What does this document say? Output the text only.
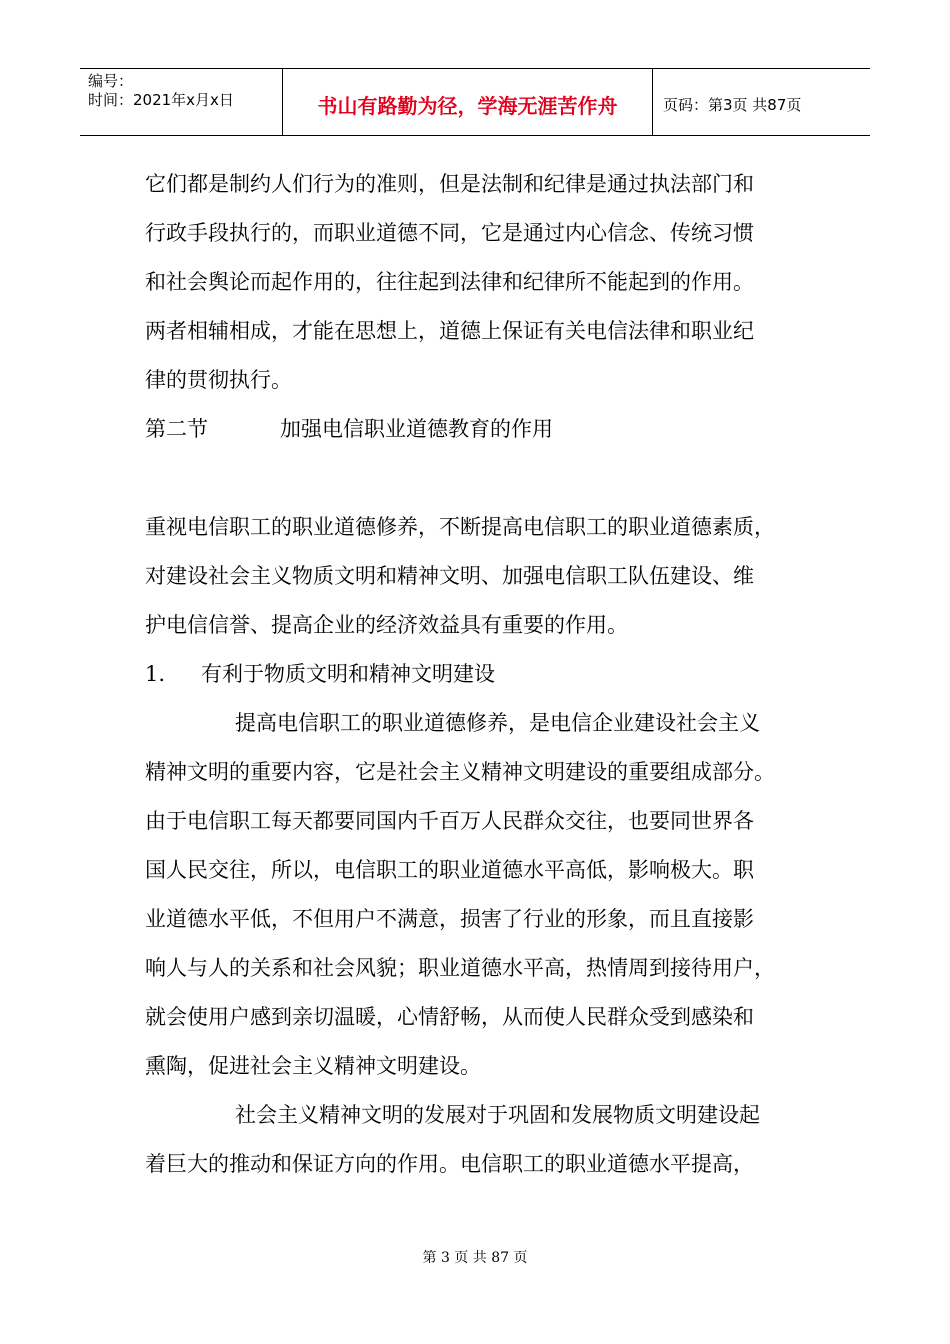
编号：
时间：2021年x月x日	书山有路勤为径，学海无涯苦作舟	页码：第3页 共87页
它们都是制约人们行为的准则，但是法制和纪律是通过执法部门和
行政手段执行的，而职业道德不同，它是通过内心信念、传统习惯
和社会舆论而起作用的，往往起到法律和纪律所不能起到的作用。
两者相辅相成，才能在思想上，道德上保证有关电信法律和职业纪
律的贯彻执行。
第二节	加强电信职业道德教育的作用
重视电信职工的职业道德修养，不断提高电信职工的职业道德素质，
对建设社会主义物质文明和精神文明、加强电信职工队伍建设、维
护电信信誉、提高企业的经济效益具有重要的作用。
1. 有利于物质文明和精神文明建设
提高电信职工的职业道德修养，是电信企业建设社会主义
精神文明的重要内容，它是社会主义精神文明建设的重要组成部分。
由于电信职工每天都要同国内千百万人民群众交往，也要同世界各
国人民交往，所以，电信职工的职业道德水平高低，影响极大。职
业道德水平低，不但用户不满意，损害了行业的形象，而且直接影
响人与人的关系和社会风貌；职业道德水平高，热情周到接待用户，
就会使用户感到亲切温暖，心情舒畅，从而使人民群众受到感染和
熏陶，促进社会主义精神文明建设。
社会主义精神文明的发展对于巩固和发展物质文明建设起
着巨大的推动和保证方向的作用。电信职工的职业道德水平提高，
第 3 页 共 87 页
